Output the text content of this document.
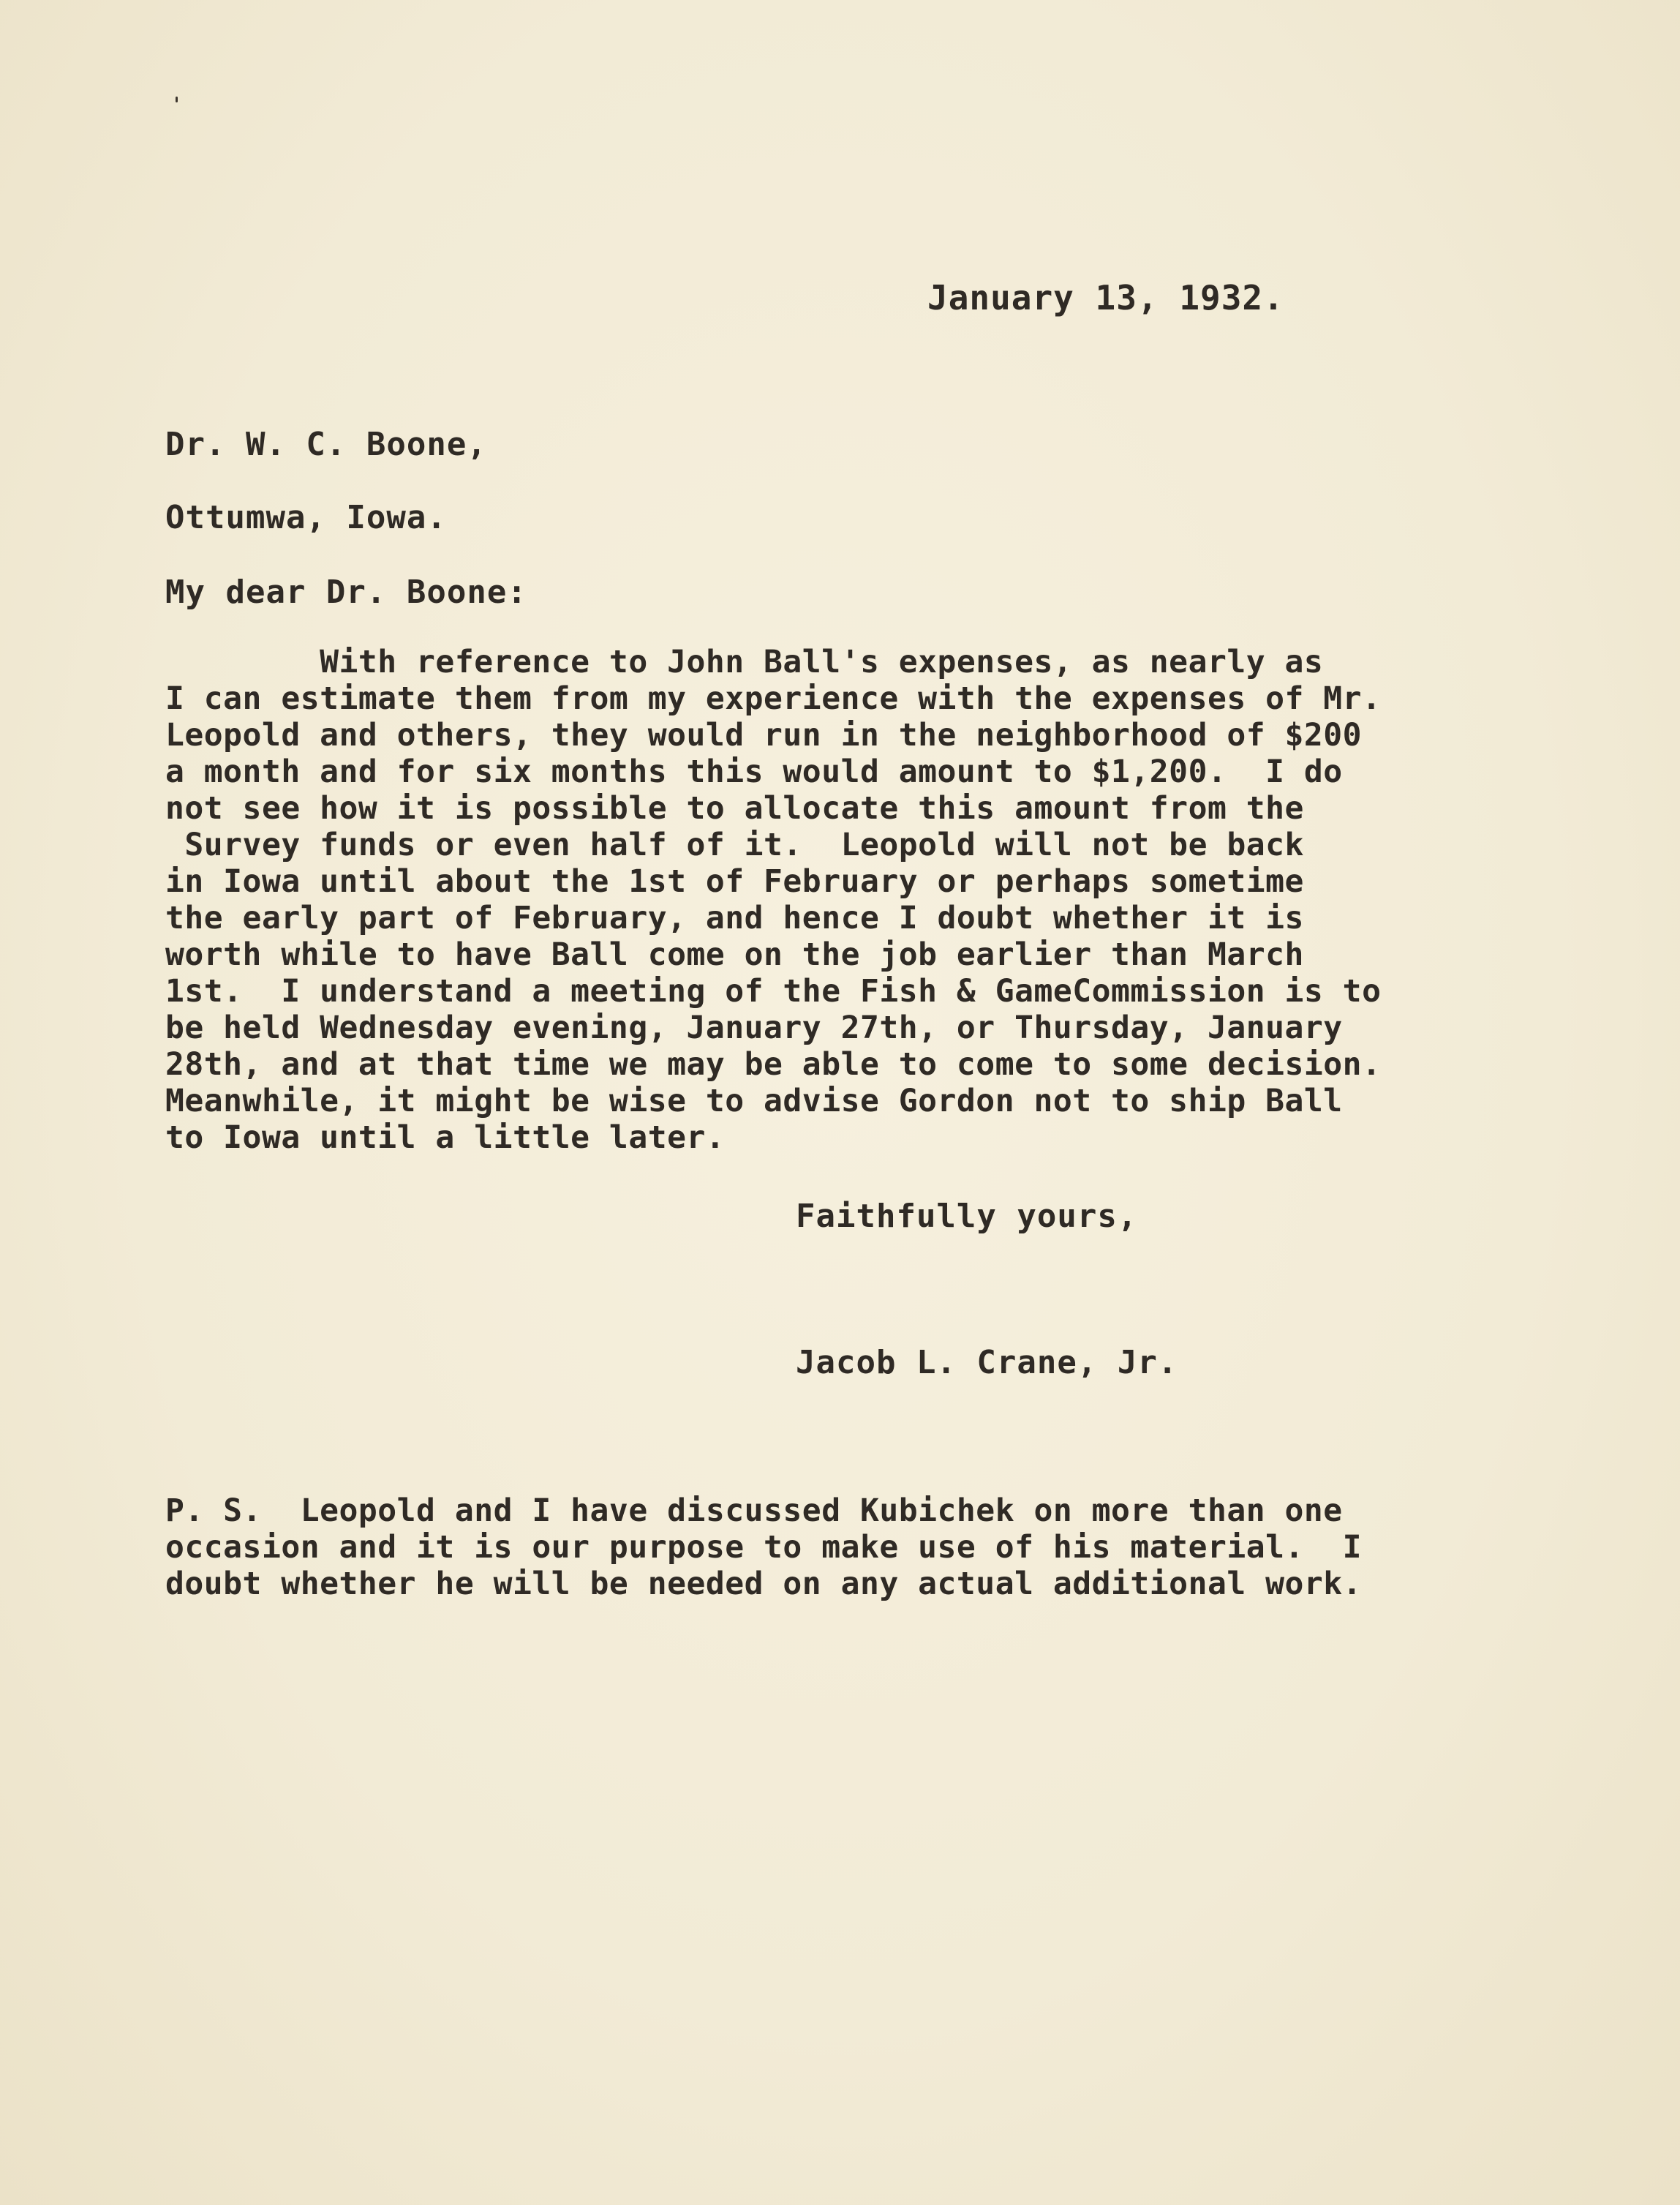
January 13, 1932.
Dr. W. C. Boone,
Ottumwa, Iowa.
My dear Dr. Boone:
With reference to John Ball's expenses, as nearly as
I can estimate them from my experience with the expenses of Mr.
Leopold and others, they would run in the neighborhood of $200
a month and for six months this would amount to $1,200.  I do
not see how it is possible to allocate this amount from the
Survey funds or even half of it.  Leopold will not be back
in Iowa until about the 1st of February or perhaps sometime
the early part of February, and hence I doubt whether it is
worth while to have Ball come on the job earlier than March
1st.  I understand a meeting of the Fish & GameCommission is to
be held Wednesday evening, January 27th, or Thursday, January
28th, and at that time we may be able to come to some decision.
Meanwhile, it might be wise to advise Gordon not to ship Ball
to Iowa until a little later.
Faithfully yours,
Jacob L. Crane, Jr.
P. S.  Leopold and I have discussed Kubichek on more than one
occasion and it is our purpose to make use of his material.  I
doubt whether he will be needed on any actual additional work.
